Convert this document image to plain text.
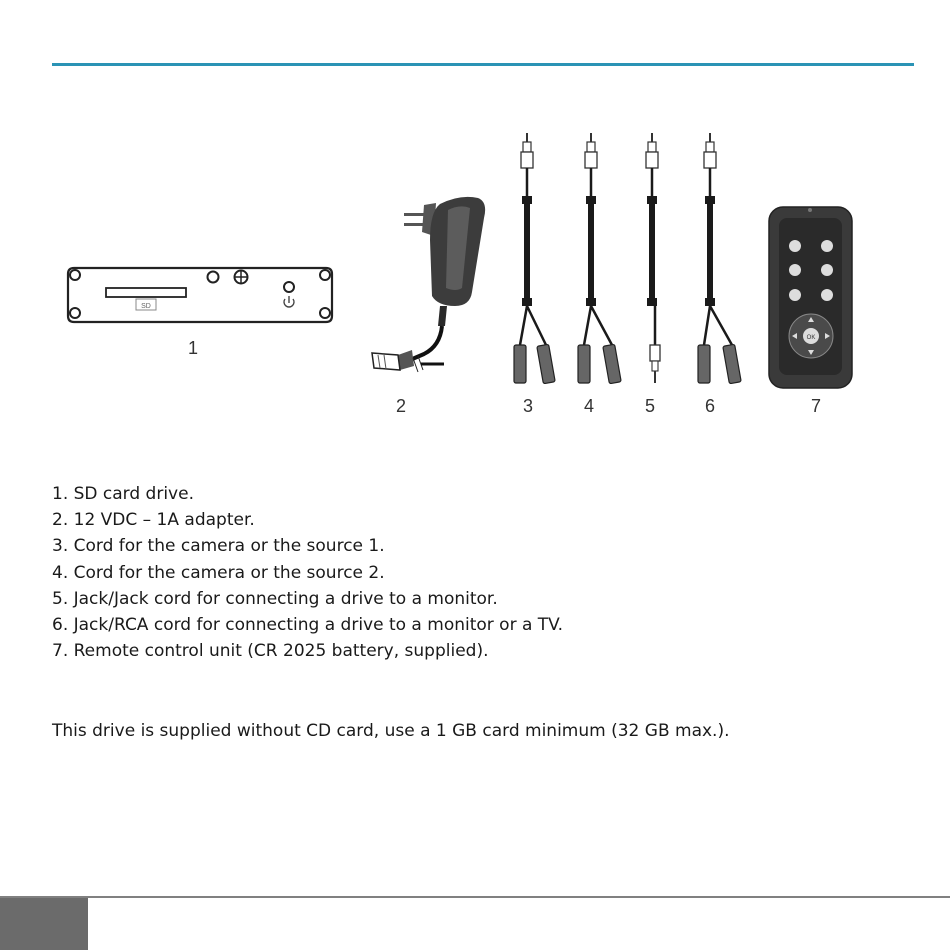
SD
OK
1
2	3	4	5	6	7
1. SD card drive.
2. 12 VDC – 1A adapter.
3. Cord for the camera or the source 1.
4. Cord for the camera or the source 2.
5. Jack/Jack cord for connecting a drive to a monitor.
6. Jack/RCA cord for connecting a drive to a monitor or a TV.
7. Remote control unit (CR 2025 battery, supplied).
This drive is supplied without CD card, use a 1 GB card minimum (32 GB max.).
